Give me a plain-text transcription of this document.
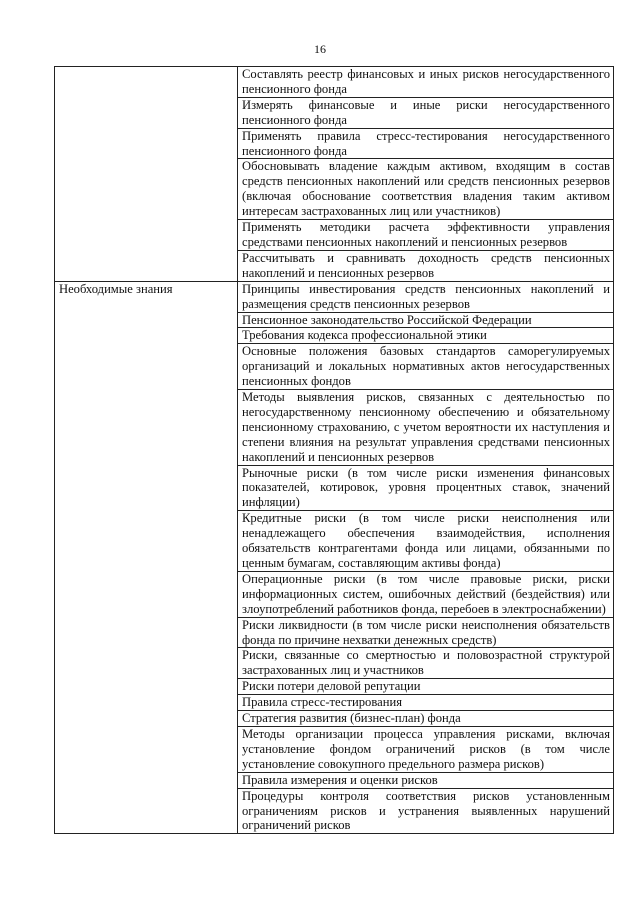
16
	Составлять реестр финансовых и иных рисков негосударственного пенсионного фонда
	Измерять финансовые и иные риски негосударственного пенсионного фонда
	Применять правила стресс-тестирования негосударственного пенсионного фонда
	Обосновывать владение каждым активом, входящим в состав средств пенсионных накоплений или средств пенсионных резервов (включая обоснование соответствия владения таким активом интересам застрахованных лиц или участников)
	Применять методики расчета эффективности управления средствами пенсионных накоплений и пенсионных резервов
	Рассчитывать и сравнивать доходность средств пенсионных накоплений и пенсионных резервов
Необходимые знания	Принципы инвестирования средств пенсионных накоплений и размещения средств пенсионных резервов
	Пенсионное законодательство Российской Федерации
	Требования кодекса профессиональной этики
	Основные положения базовых стандартов саморегулируемых организаций и локальных нормативных актов негосударственных пенсионных фондов
	Методы выявления рисков, связанных с деятельностью по негосударственному пенсионному обеспечению и обязательному пенсионному страхованию, с учетом вероятности их наступления и степени влияния на результат управления средствами пенсионных накоплений и пенсионных резервов
	Рыночные риски (в том числе риски изменения финансовых показателей, котировок, уровня процентных ставок, значений инфляции)
	Кредитные риски (в том числе риски неисполнения или ненадлежащего обеспечения взаимодействия, исполнения обязательств контрагентами фонда или лицами, обязанными по ценным бумагам, составляющим активы фонда)
	Операционные риски (в том числе правовые риски, риски информационных систем, ошибочных действий (бездействия) или злоупотреблений работников фонда, перебоев в электроснабжении)
	Риски ликвидности (в том числе риски неисполнения обязательств фонда по причине нехватки денежных средств)
	Риски, связанные со смертностью и половозрастной структурой застрахованных лиц и участников
	Риски потери деловой репутации
	Правила стресс-тестирования
	Стратегия развития (бизнес-план) фонда
	Методы организации процесса управления рисками, включая установление фондом ограничений рисков (в том числе установление совокупного предельного размера рисков)
	Правила измерения и оценки рисков
	Процедуры контроля соответствия рисков установленным ограничениям рисков и устранения выявленных нарушений ограничений рисков
